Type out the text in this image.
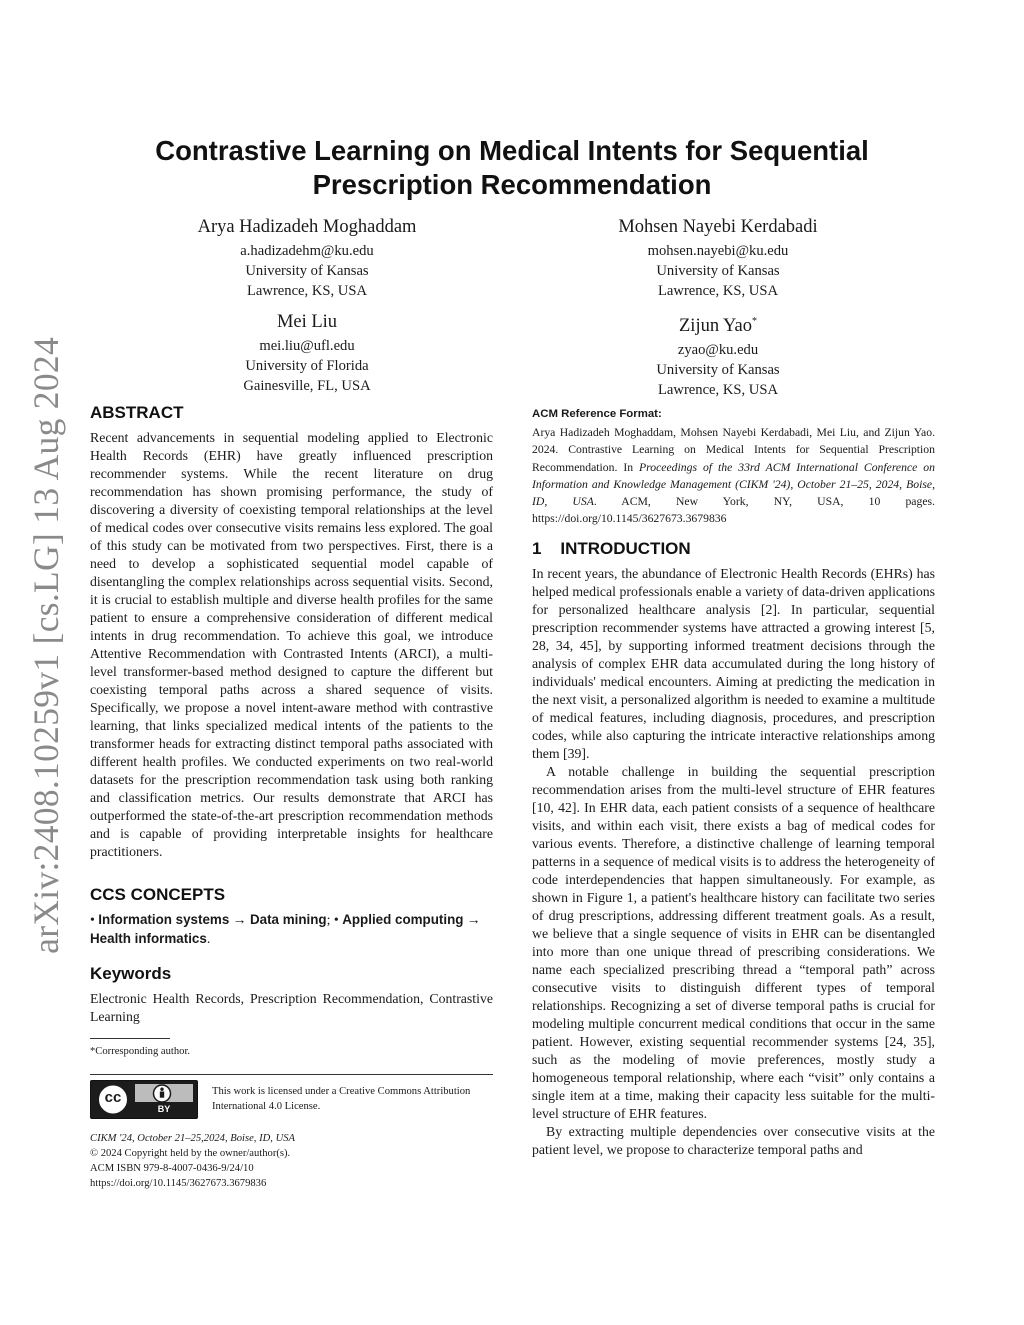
arXiv:2408.10259v1 [cs.LG] 13 Aug 2024
Contrastive Learning on Medical Intents for Sequential Prescription Recommendation
Arya Hadizadeh Moghaddam
a.hadizadehm@ku.edu
University of Kansas
Lawrence, KS, USA
Mohsen Nayebi Kerdabadi
mohsen.nayebi@ku.edu
University of Kansas
Lawrence, KS, USA
Mei Liu
mei.liu@ufl.edu
University of Florida
Gainesville, FL, USA
Zijun Yao*
zyao@ku.edu
University of Kansas
Lawrence, KS, USA
ABSTRACT

Recent advancements in sequential modeling applied to Electronic Health Records (EHR) have greatly influenced prescription recommender systems. While the recent literature on drug recommendation has shown promising performance, the study of discovering a diversity of coexisting temporal relationships at the level of medical codes over consecutive visits remains less explored. The goal of this study can be motivated from two perspectives. First, there is a need to develop a sophisticated sequential model capable of disentangling the complex relationships across sequential visits. Second, it is crucial to establish multiple and diverse health profiles for the same patient to ensure a comprehensive consideration of different medical intents in drug recommendation. To achieve this goal, we introduce Attentive Recommendation with Contrasted Intents (ARCI), a multi-level transformer-based method designed to capture the different but coexisting temporal paths across a shared sequence of visits. Specifically, we propose a novel intent-aware method with contrastive learning, that links specialized medical intents of the patients to the transformer heads for extracting distinct temporal paths associated with different health profiles. We conducted experiments on two real-world datasets for the prescription recommendation task using both ranking and classification metrics. Our results demonstrate that ARCI has outperformed the state-of-the-art prescription recommendation methods and is capable of providing interpretable insights for healthcare practitioners.

CCS CONCEPTS
• Information systems → Data mining; • Applied computing → Health informatics.
Keywords
Electronic Health Records, Prescription Recommendation, Contrastive Learning
*Corresponding author.
cc
BY
This work is licensed under a Creative Commons Attribution International 4.0 License.
CIKM '24, October 21–25,2024, Boise, ID, USA
© 2024 Copyright held by the owner/author(s).
ACM ISBN 979-8-4007-0436-9/24/10
https://doi.org/10.1145/3627673.3679836
ACM Reference Format:
Arya Hadizadeh Moghaddam, Mohsen Nayebi Kerdabadi, Mei Liu, and Zijun Yao. 2024. Contrastive Learning on Medical Intents for Sequential Prescription Recommendation. In Proceedings of the 33rd ACM International Conference on Information and Knowledge Management (CIKM '24), October 21–25, 2024, Boise, ID, USA. ACM, New York, NY, USA, 10 pages. https://doi.org/10.1145/3627673.3679836
1    INTRODUCTION

In recent years, the abundance of Electronic Health Records (EHRs) has helped medical professionals enable a variety of data-driven applications for personalized healthcare analysis [2]. In particular, sequential prescription recommender systems have attracted a growing interest [5, 28, 34, 45], by supporting informed treatment decisions through the analysis of complex EHR data accumulated during the long history of individuals' medical encounters. Aiming at predicting the medication in the next visit, a personalized algorithm is needed to examine a multitude of medical features, including diagnosis, procedures, and prescription codes, while also capturing the intricate interactive relationships among them [39].

A notable challenge in building the sequential prescription recommendation arises from the multi-level structure of EHR features [10, 42]. In EHR data, each patient consists of a sequence of healthcare visits, and within each visit, there exists a bag of medical codes for various events. Therefore, a distinctive challenge of learning temporal patterns in a sequence of medical visits is to address the heterogeneity of code interdependencies that happen simultaneously. For example, as shown in Figure 1, a patient's healthcare history can facilitate two series of drug prescriptions, addressing different treatment goals. As a result, we believe that a single sequence of visits in EHR can be disentangled into more than one unique thread of prescribing considerations. We name each specialized prescribing thread a “temporal path” across consecutive visits to distinguish different types of temporal relationships. Recognizing a set of diverse temporal paths is crucial for modeling multiple concurrent medical conditions that occur in the same patient. However, existing sequential recommender systems [24, 35], such as the modeling of movie preferences, mostly study a homogeneous temporal relationship, where each “visit” only contains a single item at a time, making their capacity less suitable for the multi-level structure of EHR features.

By extracting multiple dependencies over consecutive visits at the patient level, we propose to characterize temporal paths and
